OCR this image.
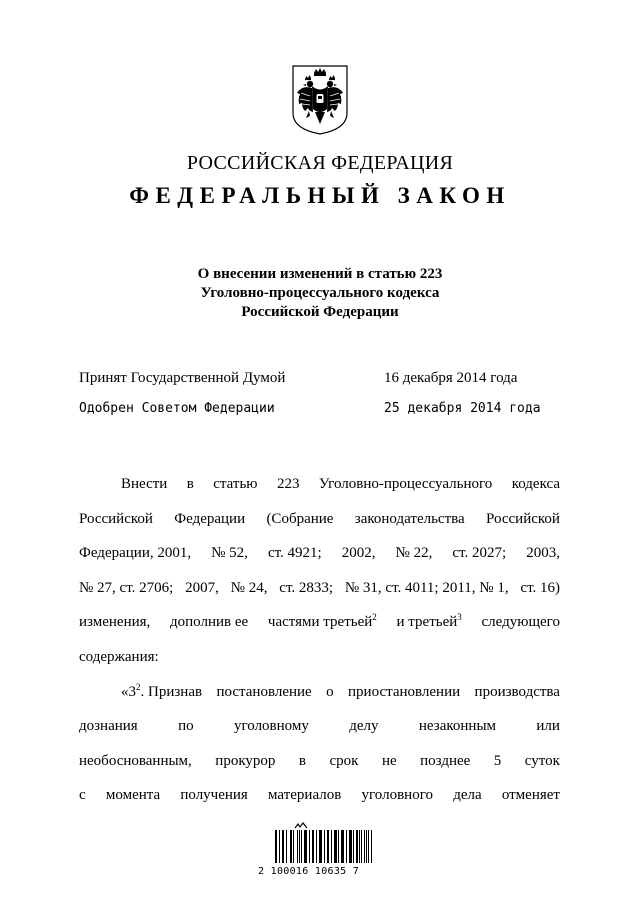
РОССИЙСКАЯ ФЕДЕРАЦИЯ
ФЕДЕРАЛЬНЫЙ ЗАКОН
О внесении изменений в статью 223
Уголовно-процессуального кодекса
Российской Федерации
Принят Государственной Думой	16 декабря 2014 года
Одобрен Советом Федерации	25 декабря 2014 года
Внести в статью 223 Уголовно-процессуального кодекса
Российской Федерации (Собрание законодательства Российской
Федерации, 2001, № 52, ст. 4921; 2002, № 22, ст. 2027; 2003,
№ 27, ст. 2706; 2007, № 24, ст. 2833; № 31, ст. 4011; 2011, № 1, ст. 16)
изменения, дополнив ее частями третьей$^2$ и третьей$^3$ следующего
содержания:
«$3^2$. Признав постановление о приостановлении производства
дознания	по	уголовному	делу	незаконным	или
необоснованным, прокурор в срок не позднее 5 суток
с момента получения материалов уголовного дела отменяет
2 100016 10635 7
